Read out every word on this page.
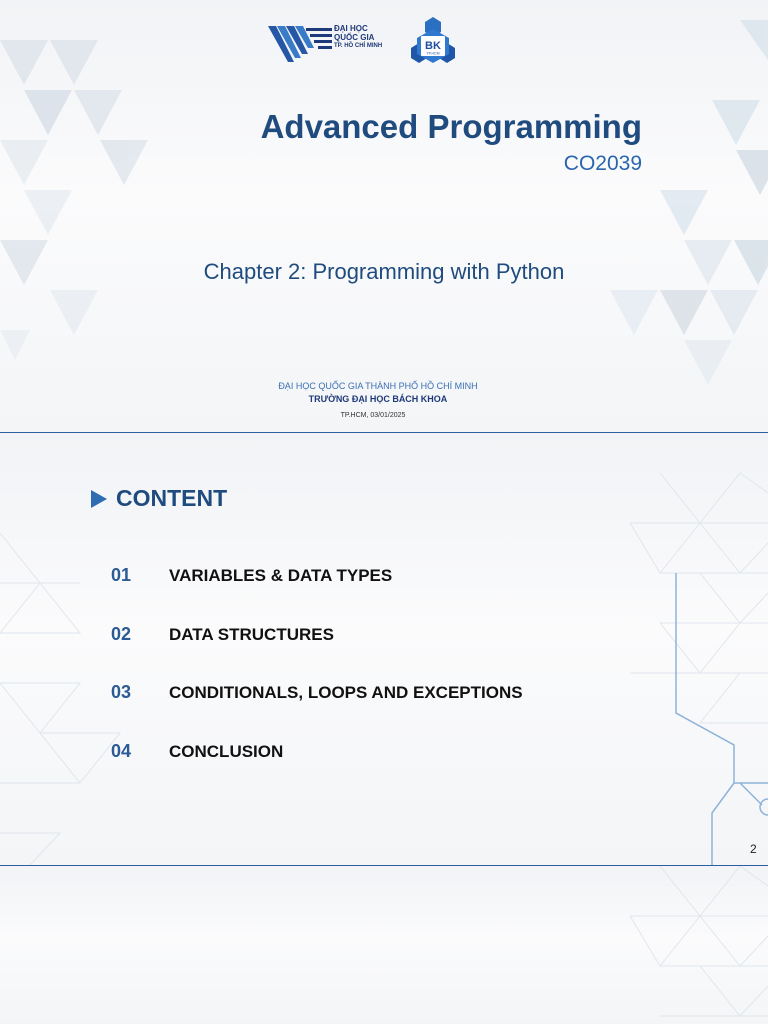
ĐẠI HỌC
QUỐC GIA
TP. HỒ CHÍ MINH	BK
TP.HCM
Advanced Programming
CO2039
Chapter 2: Programming with Python
ĐẠI HỌC QUỐC GIA THÀNH PHỐ HỒ CHÍ MINH
TRƯỜNG ĐẠI HỌC BÁCH KHOA
TP.HCM, 03/01/2025
CONTENT
01 VARIABLES & DATA TYPES
02 DATA STRUCTURES
03 CONDITIONALS, LOOPS AND EXCEPTIONS
04 CONCLUSION
2
